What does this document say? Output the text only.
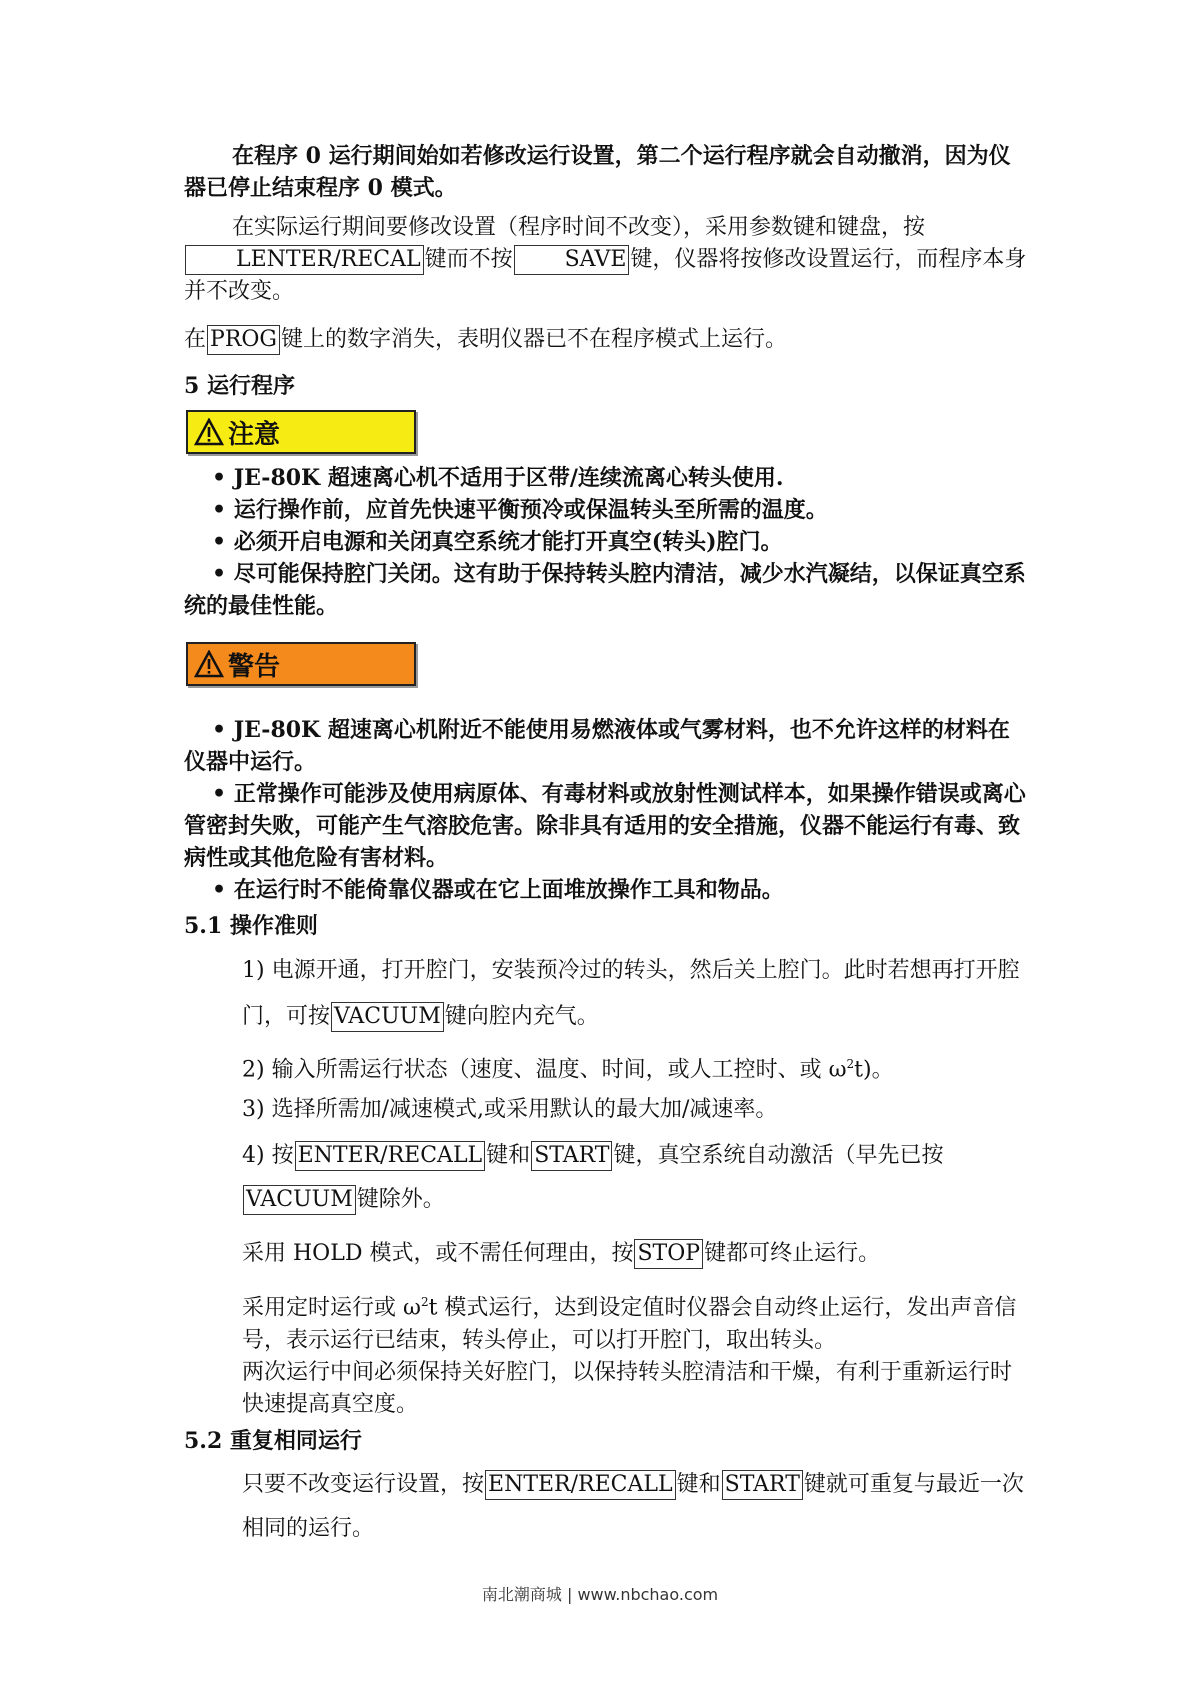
在程序 0 运行期间始如若修改运行设置，第二个运行程序就会自动撤消，因为仪器已停止结束程序 0 模式。

在实际运行期间要修改设置（程序时间不改变），采用参数键和键盘，按
LENTER/RECAL 键而不按 SAVE 键，仪器将按修改设置运行，而程序本身并不改变。

在 PROG 键上的数字消失，表明仪器已不在程序模式上运行。

5 运行程序
注意

• JE-80K 超速离心机不适用于区带/连续流离心转头使用.

• 运行操作前，应首先快速平衡预冷或保温转头至所需的温度。

• 必须开启电源和关闭真空系统才能打开真空(转头)腔门。

• 尽可能保持腔门关闭。这有助于保持转头腔内清洁，减少水汽凝结，以保证真空系统的最佳性能。

警告

• JE-80K 超速离心机附近不能使用易燃液体或气雾材料，也不允许这样的材料在仪器中运行。

• 正常操作可能涉及使用病原体、有毒材料或放射性测试样本，如果操作错误或离心管密封失败，可能产生气溶胶危害。除非具有适用的安全措施，仪器不能运行有毒、致病性或其他危险有害材料。

• 在运行时不能倚靠仪器或在它上面堆放操作工具和物品。

5.1 操作准则

1) 电源开通，打开腔门，安装预冷过的转头，然后关上腔门。此时若想再打开腔门，可按 VACUUM 键向腔内充气。

2) 输入所需运行状态（速度、温度、时间，或人工控时、或 $\omega^2t$)。

3) 选择所需加/减速模式,或采用默认的最大加/减速率。

4) 按 ENTER/RECALL 键和 START 键，真空系统自动激活（早先已按VACUUM 键除外。

采用 HOLD 模式，或不需任何理由，按 STOP 键都可终止运行。

采用定时运行或 $\omega^2t$ 模式运行，达到设定值时仪器会自动终止运行，发出声音信号，表示运行已结束，转头停止，可以打开腔门，取出转头。

两次运行中间必须保持关好腔门，以保持转头腔清洁和干燥，有利于重新运行时快速提高真空度。

5.2 重复相同运行

只要不改变运行设置，按 ENTER/RECALL 键和 START 键就可重复与最近一次相同的运行。

南北潮商城 | www.nbchao.com
